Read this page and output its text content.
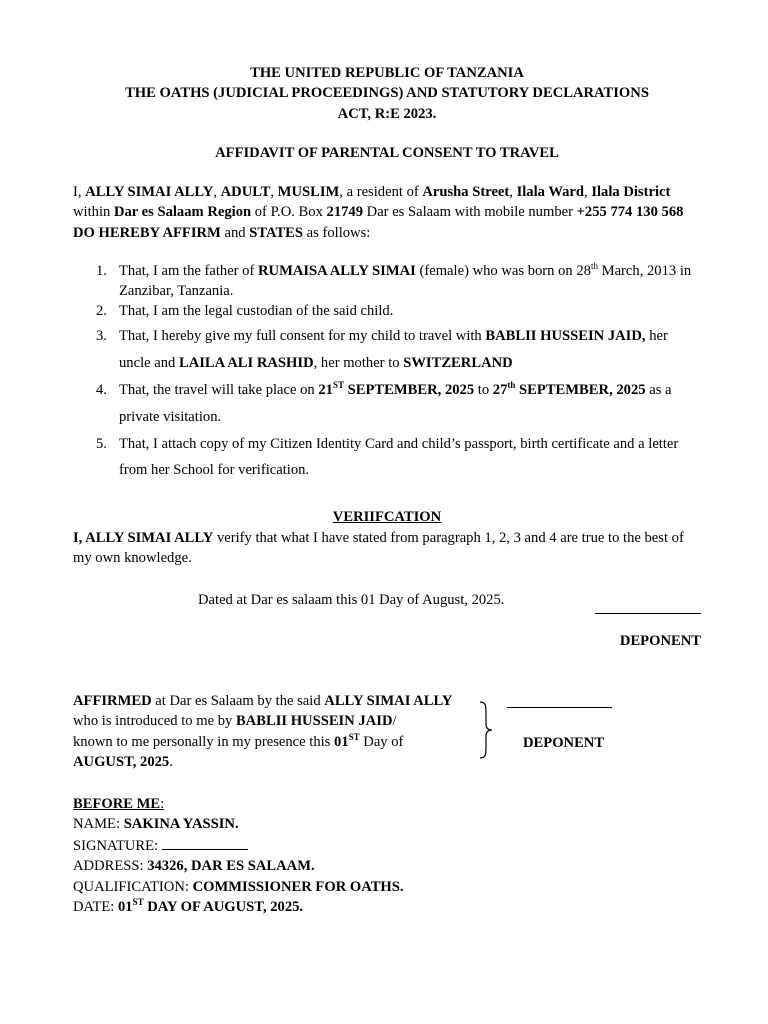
THE UNITED REPUBLIC OF TANZANIA

THE OATHS (JUDICIAL PROCEEDINGS) AND STATUTORY DECLARATIONS

ACT, R:E 2023.

AFFIDAVIT OF PARENTAL CONSENT TO TRAVEL
I, ALLY SIMAI ALLY, ADULT, MUSLIM, a resident of Arusha Street, Ilala Ward, Ilala District within Dar es Salaam Region of P.O. Box 21749 Dar es Salaam with mobile number +255 774 130 568 DO HEREBY AFFIRM and STATES as follows:
1. That, I am the father of RUMAISA ALLY SIMAI (female) who was born on 28th March, 2013 in Zanzibar, Tanzania.
2. That, I am the legal custodian of the said child.
3. That, I hereby give my full consent for my child to travel with BABLII HUSSEIN JAID, her uncle and LAILA ALI RASHID, her mother to SWITZERLAND
4. That, the travel will take place on 21ST SEPTEMBER, 2025 to 27th SEPTEMBER, 2025 as a private visitation.
5. That, I attach copy of my Citizen Identity Card and child’s passport, birth certificate and a letter from her School for verification.
VERIIFCATION
I, ALLY SIMAI ALLY verify that what I have stated from paragraph 1, 2, 3 and 4 are true to the best of my own knowledge.
Dated at Dar es salaam this 01 Day of August, 2025.
DEPONENT

AFFIRMED at Dar es Salaam by the said ALLY SIMAI ALLY

who is introduced to me by BABLII HUSSEIN JAID/

known to me personally in my presence this 01ST Day of

AUGUST, 2025.

DEPONENT

BEFORE ME:

NAME: SAKINA YASSIN.

SIGNATURE:

ADDRESS: 34326, DAR ES SALAAM.

QUALIFICATION: COMMISSIONER FOR OATHS.

DATE: 01ST DAY OF AUGUST, 2025.
